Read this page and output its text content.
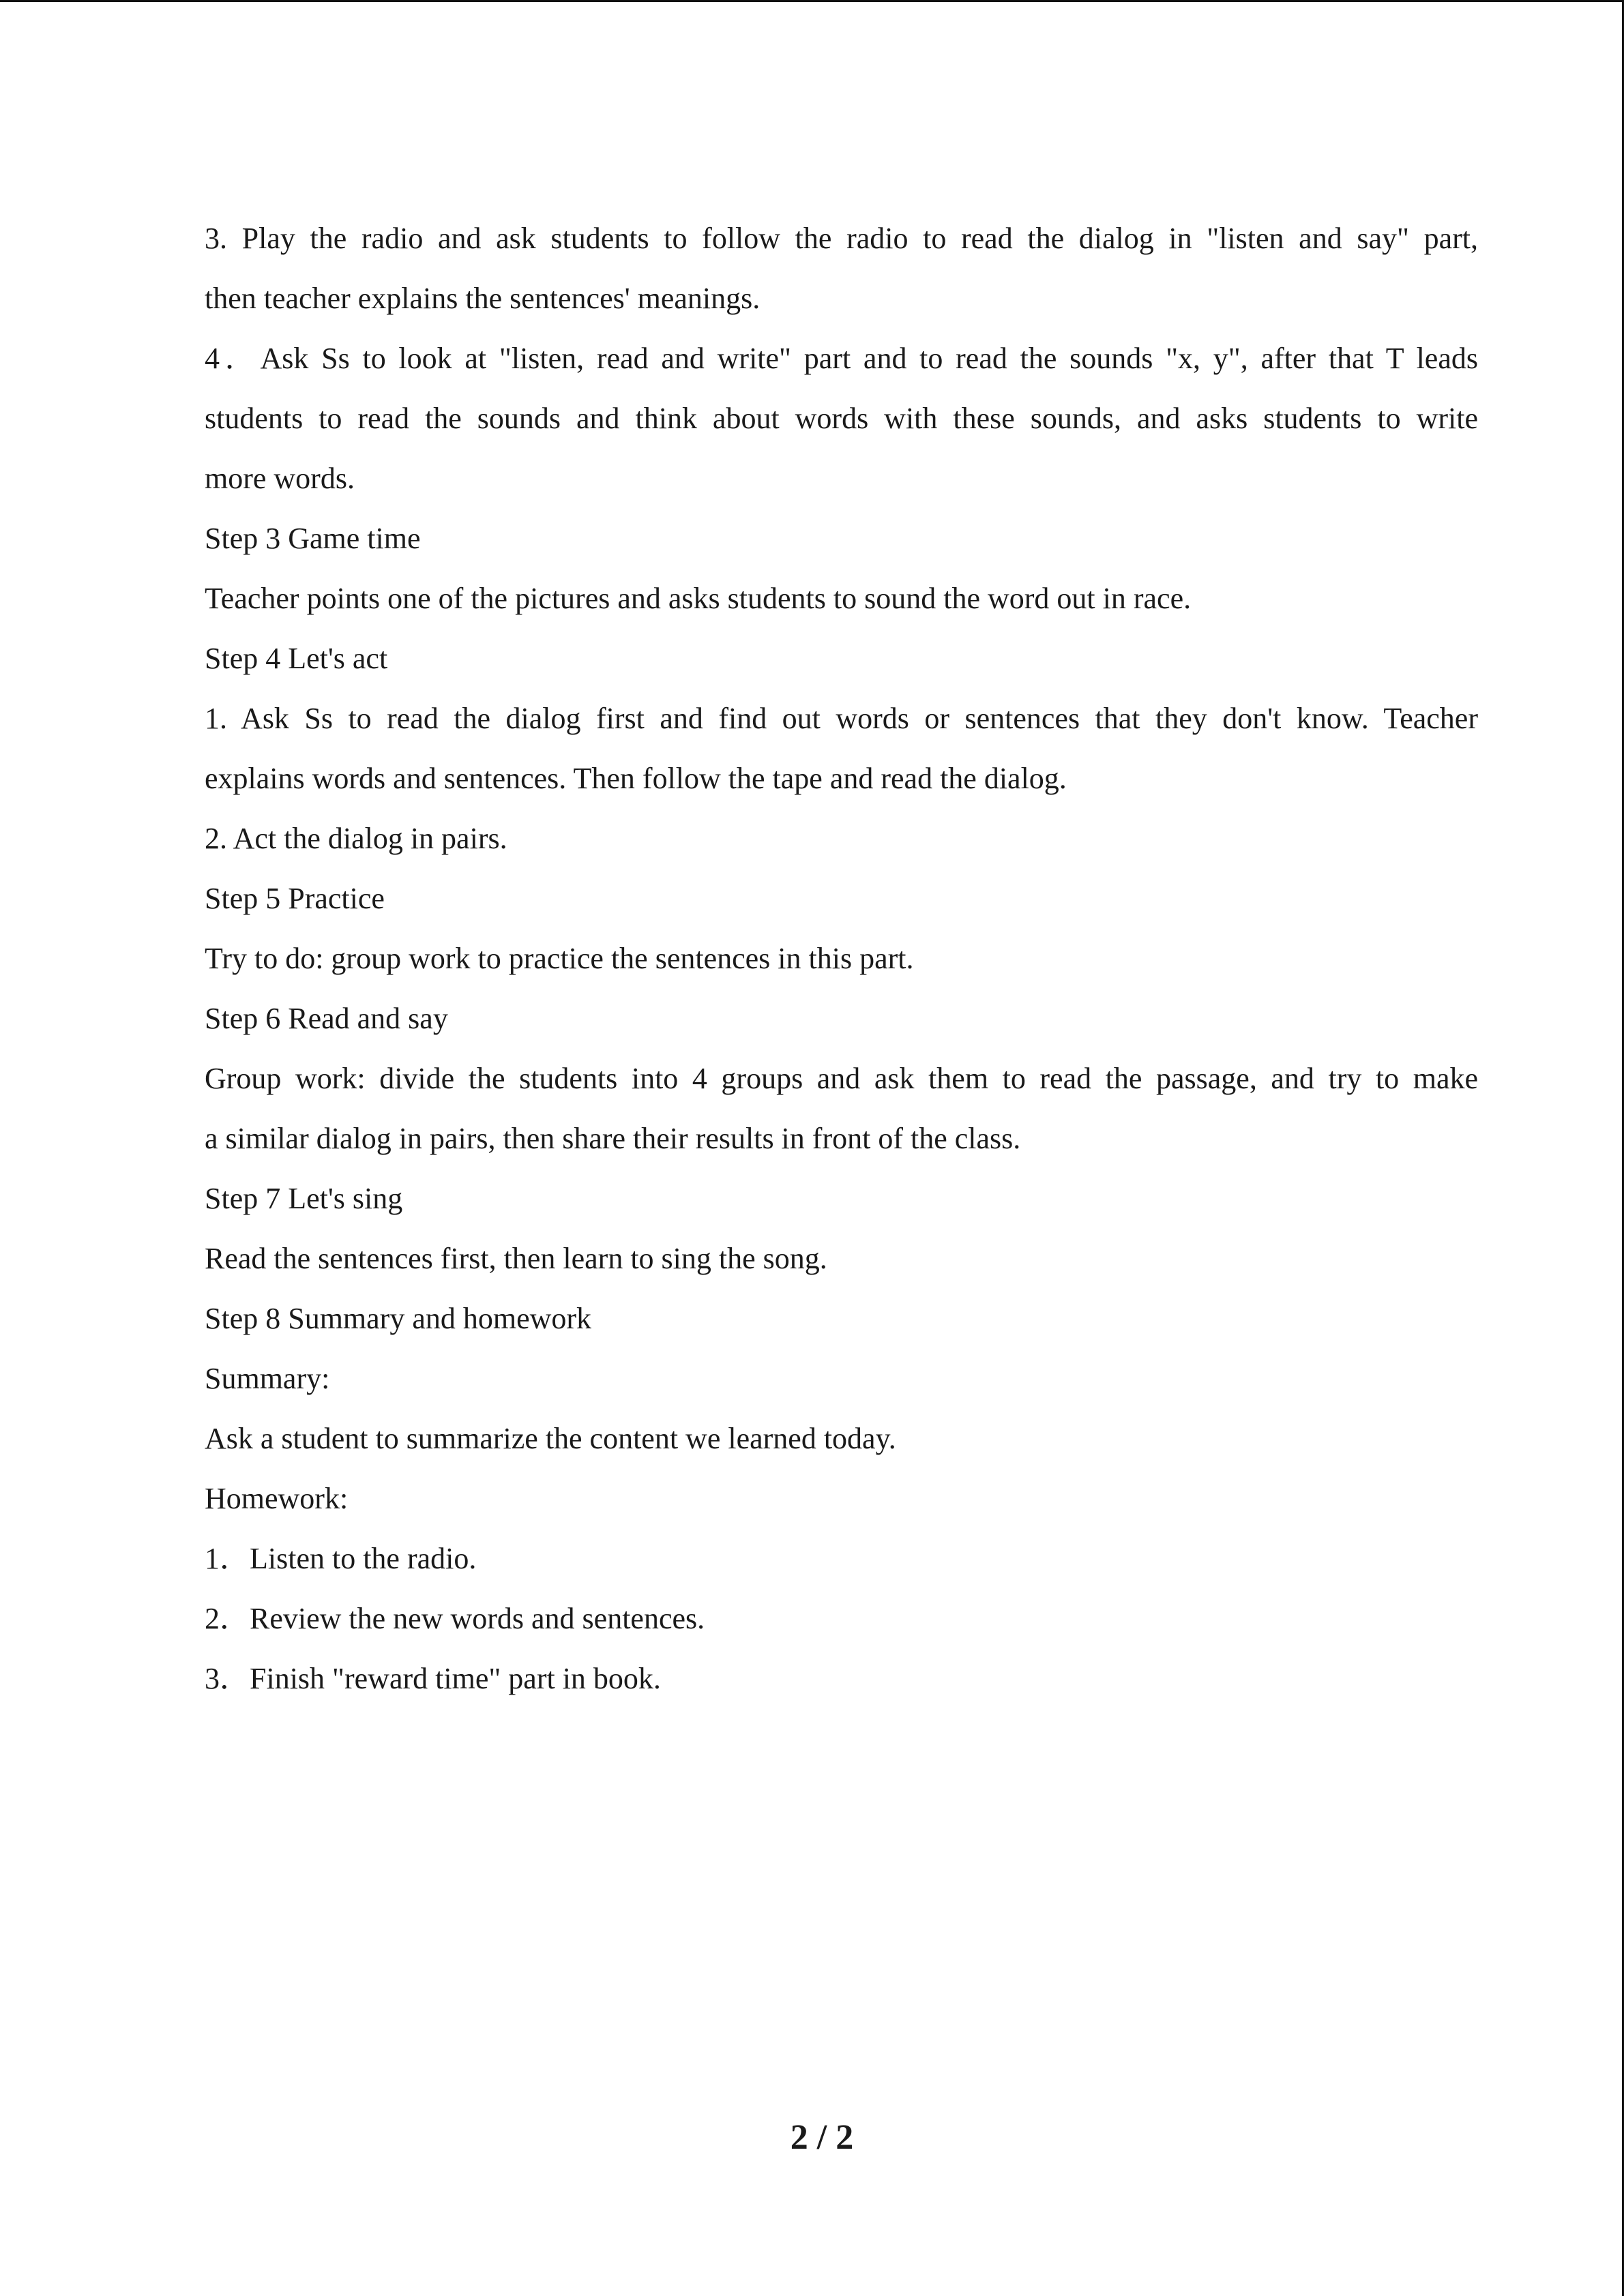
3. Play the radio and ask students to follow the radio to read the dialog in "listen and say" part,
then teacher explains the sentences' meanings.
4．Ask Ss to look at "listen, read and write" part and to read the sounds "x, y", after that T leads
students to read the sounds and think about words with these sounds, and asks students to write
more words.
Step 3 Game time
Teacher points one of the pictures and asks students to sound the word out in race.
Step 4 Let's act
1. Ask Ss to read the dialog first and find out words or sentences that they don't know. Teacher
explains words and sentences. Then follow the tape and read the dialog.
2. Act the dialog in pairs.
Step 5 Practice
Try to do: group work to practice the sentences in this part.
Step 6 Read and say
Group work: divide the students into 4 groups and ask them to read the passage, and try to make
a similar dialog in pairs, then share their results in front of the class.
Step 7 Let's sing
Read the sentences first, then learn to sing the song.
Step 8 Summary and homework
Summary:
Ask a student to summarize the content we learned today.
Homework:
1．Listen to the radio.
2．Review the new words and sentences.
3．Finish "reward time" part in book.
2 / 2
